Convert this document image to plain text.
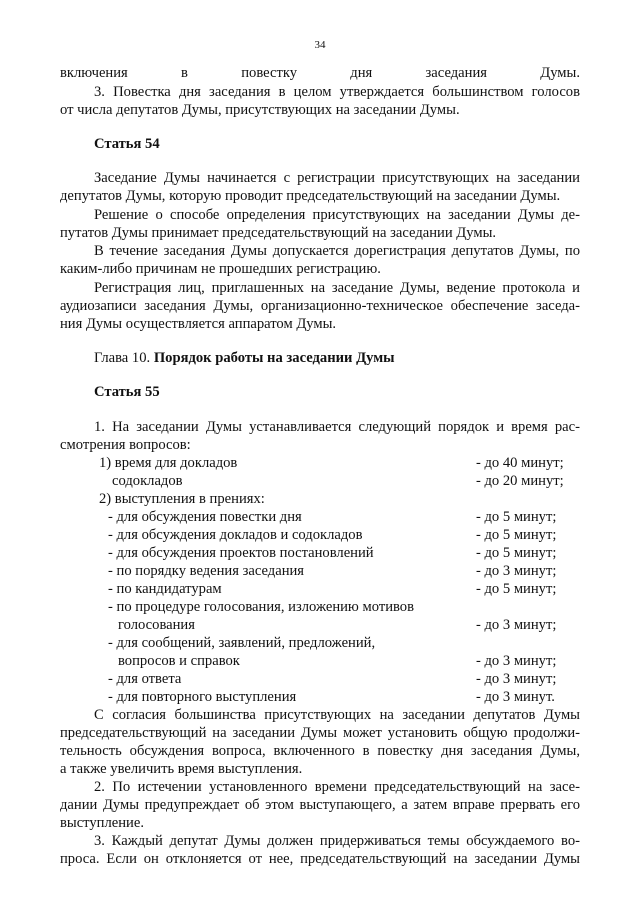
34
включения в повестку дня заседания Думы.
3. Повестка дня заседания в целом утверждается большинством голосов
от числа депутатов Думы, присутствующих на заседании Думы.
Статья 54
Заседание Думы начинается с регистрации присутствующих на заседании
депутатов Думы, которую проводит председательствующий на заседании Думы.
Решение о способе определения присутствующих на заседании Думы де-
путатов Думы принимает председательствующий на заседании Думы.
В течение заседания Думы допускается дорегистрация депутатов Думы, по
каким-либо причинам не прошедших регистрацию.
Регистрация лиц, приглашенных на заседание Думы, ведение протокола и
аудиозаписи заседания Думы, организационно-техническое обеспечение заседа-
ния Думы осуществляется аппаратом Думы.
Глава 10. Порядок работы на заседании Думы
Статья 55
1. На заседании Думы устанавливается следующий порядок и время рас-
смотрения вопросов:
1) время для докладов	- до 40 минут;
содокладов	- до 20 минут;
2) выступления в прениях:
- для обсуждения повестки дня	- до 5 минут;
- для обсуждения докладов и содокладов	- до 5 минут;
- для обсуждения проектов постановлений	- до 5 минут;
- по порядку ведения заседания	- до 3 минут;
- по кандидатурам	- до 5 минут;
- по процедуре голосования, изложению мотивов
голосования	- до 3 минут;
- для сообщений, заявлений, предложений,
вопросов и справок	- до 3 минут;
- для ответа	- до 3 минут;
- для повторного выступления	- до 3 минут.
С согласия большинства присутствующих на заседании депутатов Думы
председательствующий на заседании Думы может установить общую продолжи-
тельность обсуждения вопроса, включенного в повестку дня заседания Думы,
а также увеличить время выступления.
2. По истечении установленного времени председательствующий на засе-
дании Думы предупреждает об этом выступающего, а затем вправе прервать его
выступление.
3. Каждый депутат Думы должен придерживаться темы обсуждаемого во-
проса. Если он отклоняется от нее, председательствующий на заседании Думы
